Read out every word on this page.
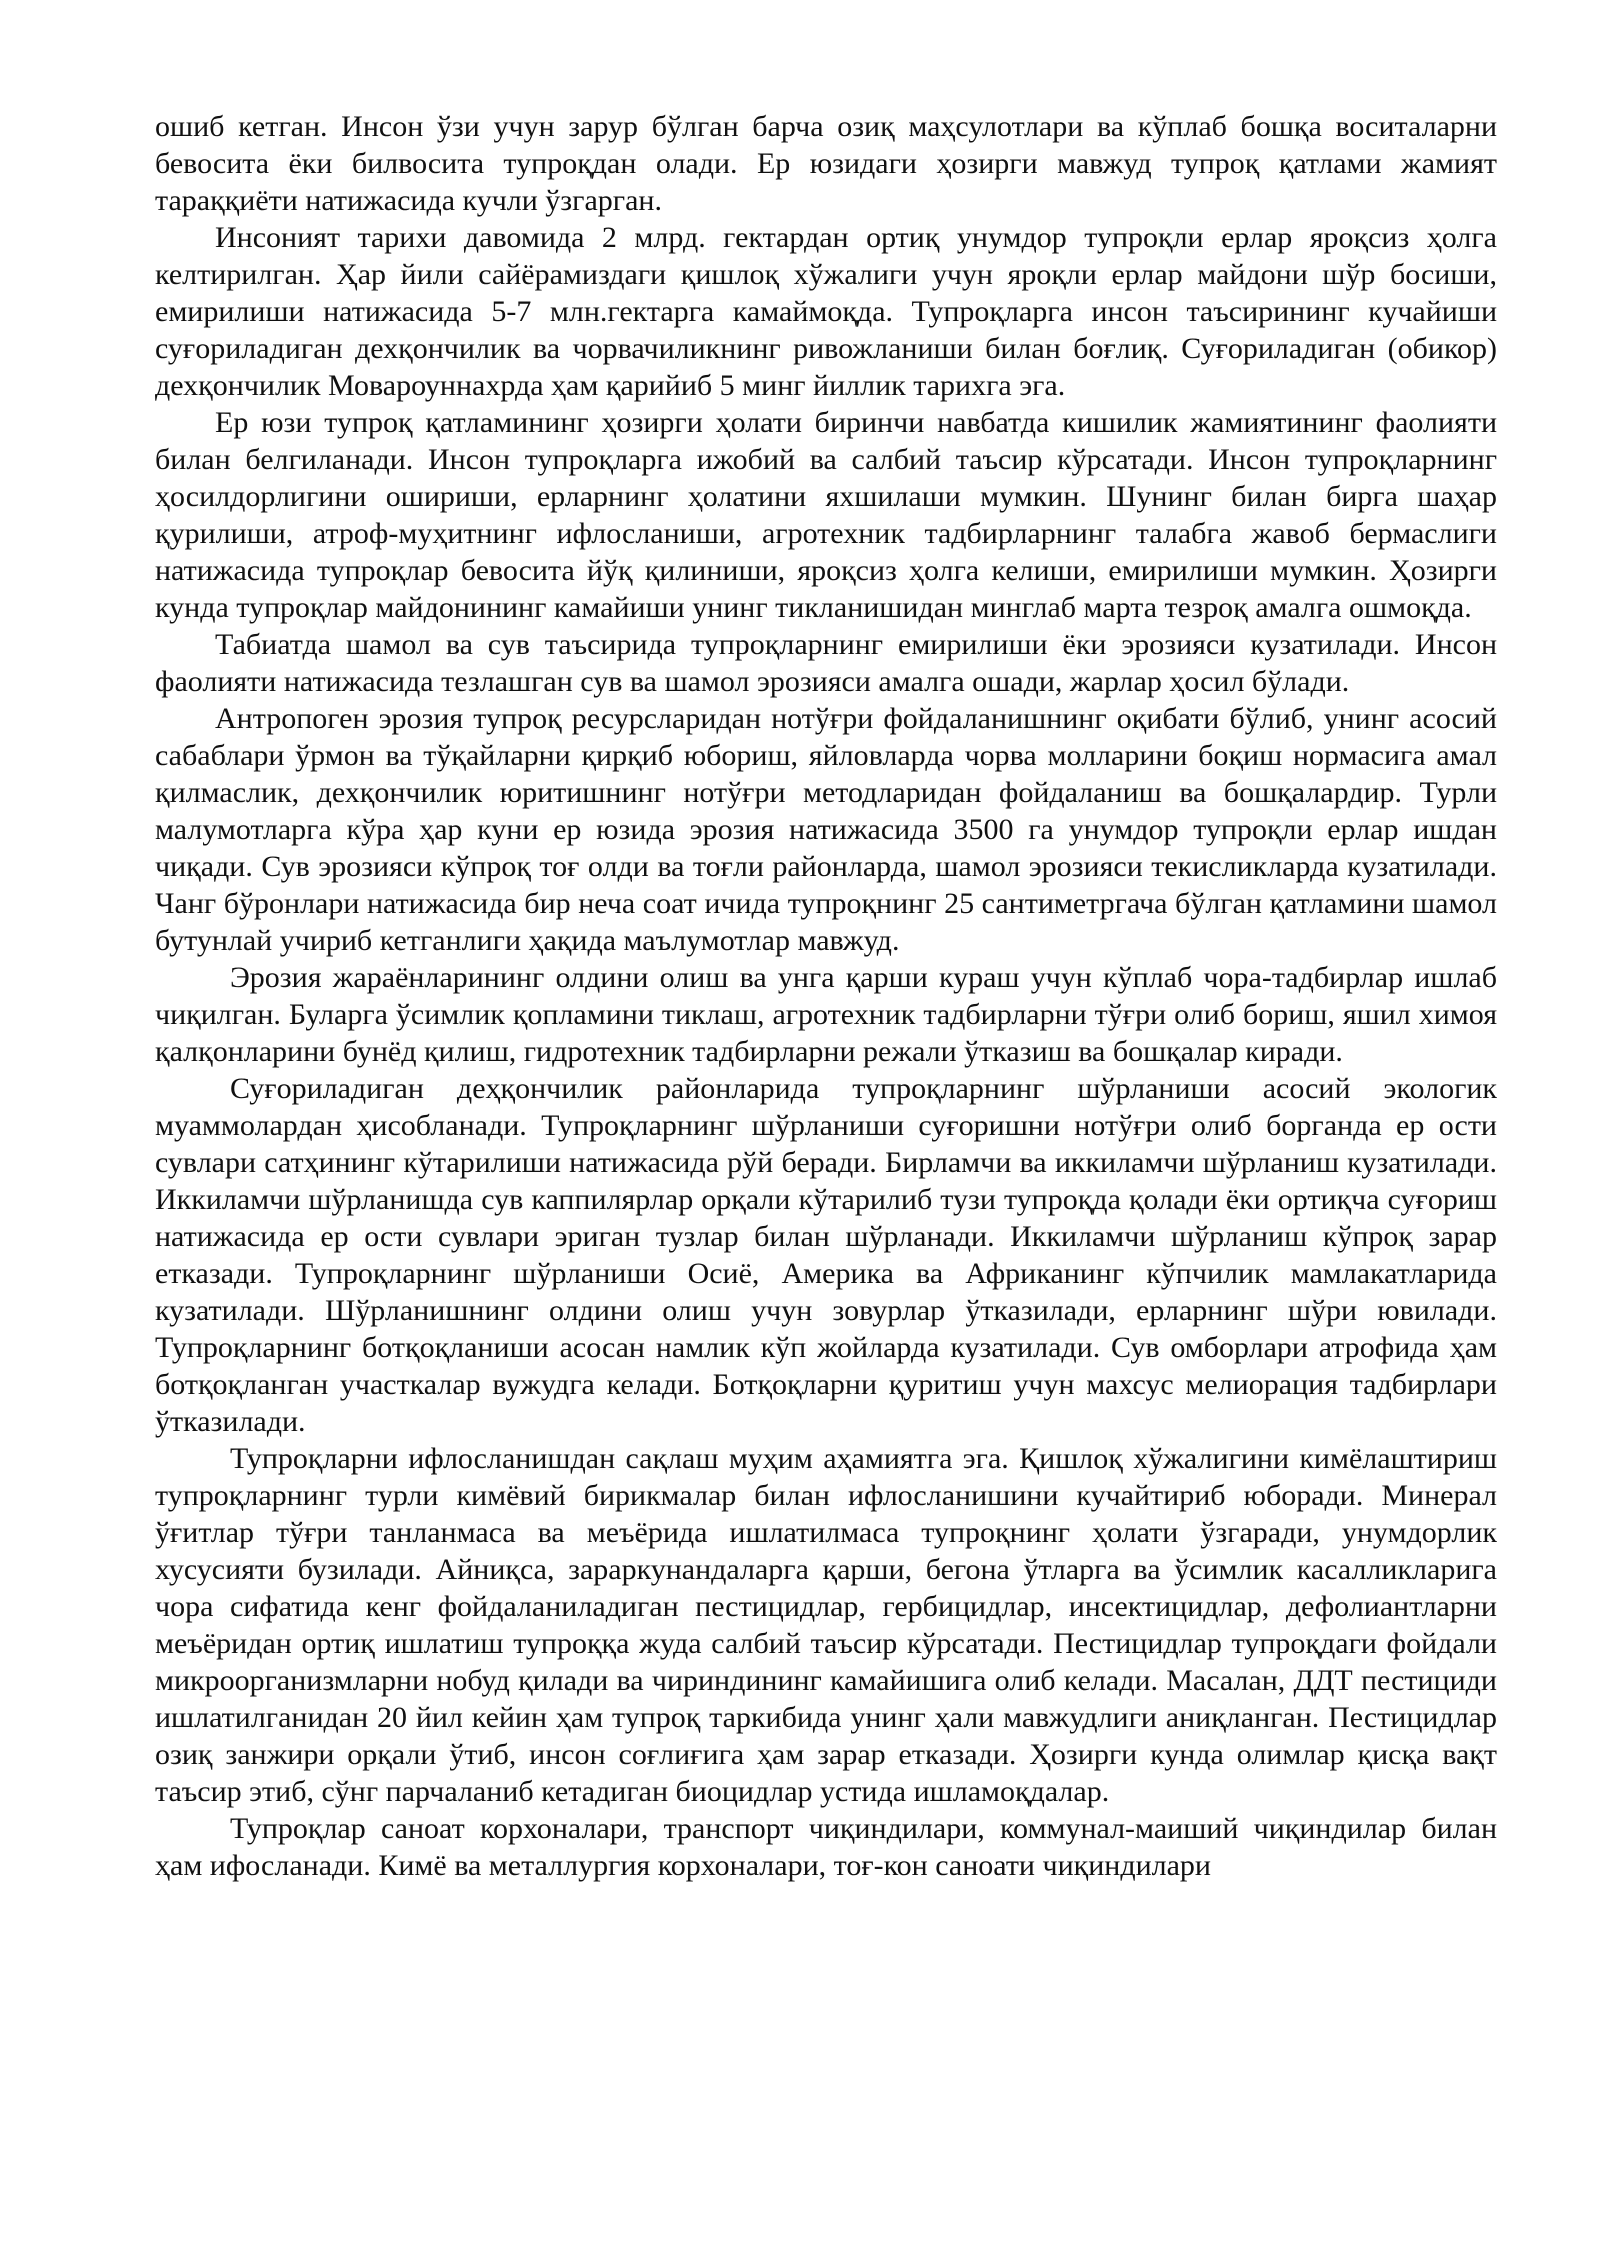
ошиб кетган. Инсон ўзи учун зарур бўлган барча озиқ маҳсулотлари ва кўплаб бошқа воситаларни бевосита ёки билвосита тупроқдан олади. Ер юзидаги ҳозирги мавжуд тупроқ қатлами жамият тараққиёти натижасида кучли ўзгарган.

Инсоният тарихи давомида 2 млрд. гектардан ортиқ унумдор тупроқли ерлар яроқсиз ҳолга келтирилган. Ҳар йили сайёрамиздаги қишлоқ хўжалиги учун яроқли ерлар майдони шўр босиши, емирилиши натижасида 5-7 млн.гектарга камаймоқда. Тупроқларга инсон таъсирининг кучайиши суғориладиган дехқончилик ва чорвачиликнинг ривожланиши билан боғлиқ. Суғориладиган (обикор) дехқончилик Мовароуннахрда ҳам қарийиб 5 минг йиллик тарихга эга.

Ер юзи тупроқ қатламининг ҳозирги ҳолати биринчи навбатда кишилик жамиятининг фаолияти билан белгиланади. Инсон тупроқларга ижобий ва салбий таъсир кўрсатади. Инсон тупроқларнинг ҳосилдорлигини ошириши, ерларнинг ҳолатини яхшилаши мумкин. Шунинг билан бирга шаҳар қурилиши, атроф-муҳитнинг ифлосланиши, агротехник тадбирларнинг талабга жавоб бермаслиги натижасида тупроқлар бевосита йўқ қилиниши, яроқсиз ҳолга келиши, емирилиши мумкин. Ҳозирги кунда тупроқлар майдонининг камайиши унинг тикланишидан минглаб марта тезроқ амалга ошмоқда.

Табиатда шамол ва сув таъсирида тупроқларнинг емирилиши ёки эрозияси кузатилади. Инсон фаолияти натижасида тезлашган сув ва шамол эрозияси амалга ошади, жарлар ҳосил бўлади.

Антропоген эрозия тупроқ ресурсларидан нотўғри фойдаланишнинг оқибати бўлиб, унинг асосий сабаблари ўрмон ва тўқайларни қирқиб юбориш, яйловларда чорва молларини боқиш нормасига амал қилмаслик, дехқончилик юритишнинг нотўғри методларидан фойдаланиш ва бошқалардир. Турли малумотларга кўра ҳар куни ер юзида эрозия натижасида 3500 га унумдор тупроқли ерлар ишдан чиқади. Сув эрозияси кўпроқ тоғ олди ва тоғли районларда, шамол эрозияси текисликларда кузатилади. Чанг бўронлари натижасида бир неча соат ичида тупроқнинг 25 сантиметргача бўлган қатламини шамол бутунлай учириб кетганлиги ҳақида маълумотлар мавжуд.

Эрозия жараёнларининг олдини олиш ва унга қарши кураш учун кўплаб чора-тадбирлар ишлаб чиқилган. Буларга ўсимлик қопламини тиклаш, агротехник тадбирларни тўғри олиб бориш, яшил химоя қалқонларини бунёд қилиш, гидротехник тадбирларни режали ўтказиш ва бошқалар киради.

Суғориладиган деҳқончилик районларида тупроқларнинг шўрланиши асосий экологик муаммолардан ҳисобланади. Тупроқларнинг шўрланиши суғоришни нотўғри олиб борганда ер ости сувлари сатҳининг кўтарилиши натижасида рўй беради. Бирламчи ва иккиламчи шўрланиш кузатилади. Иккиламчи шўрланишда сув каппилярлар орқали кўтарилиб тузи тупроқда қолади ёки ортиқча суғориш натижасида ер ости сувлари эриган тузлар билан шўрланади. Иккиламчи шўрланиш кўпроқ зарар етказади. Тупроқларнинг шўрланиши Осиё, Америка ва Африканинг кўпчилик мамлакатларида кузатилади. Шўрланишнинг олдини олиш учун зовурлар ўтказилади, ерларнинг шўри ювилади. Тупроқларнинг ботқоқланиши асосан намлик кўп жойларда кузатилади. Сув омборлари атрофида ҳам ботқоқланган участкалар вужудга келади. Ботқоқларни қуритиш учун махсус мелиорация тадбирлари ўтказилади.

Тупроқларни ифлосланишдан сақлаш муҳим аҳамиятга эга. Қишлоқ хўжалигини кимёлаштириш тупроқларнинг турли кимёвий бирикмалар билан ифлосланишини кучайтириб юборади. Минерал ўғитлар тўғри танланмаса ва меъёрида ишлатилмаса тупроқнинг ҳолати ўзгаради, унумдорлик хусусияти бузилади. Айниқса, зараркунандаларга қарши, бегона ўтларга ва ўсимлик касалликларига чора сифатида кенг фойдаланиладиган пестицидлар, гербицидлар, инсектицидлар, дефолиантларни меъёридан ортиқ ишлатиш тупроққа жуда салбий таъсир кўрсатади. Пестицидлар тупроқдаги фойдали микроорганизмларни нобуд қилади ва чириндининг камайишига олиб келади. Масалан, ДДТ пестициди ишлатилганидан 20 йил кейин ҳам тупроқ таркибида унинг ҳали мавжудлиги аниқланган. Пестицидлар озиқ занжири орқали ўтиб, инсон соғлиғига ҳам зарар етказади. Ҳозирги кунда олимлар қисқа вақт таъсир этиб, сўнг парчаланиб кетадиган биоцидлар устида ишламоқдалар.

Тупроқлар саноат корхоналари, транспорт чиқиндилари, коммунал-маиший чиқиндилар билан ҳам ифосланади. Кимё ва металлургия корхоналари, тоғ-кон саноати чиқиндилари
